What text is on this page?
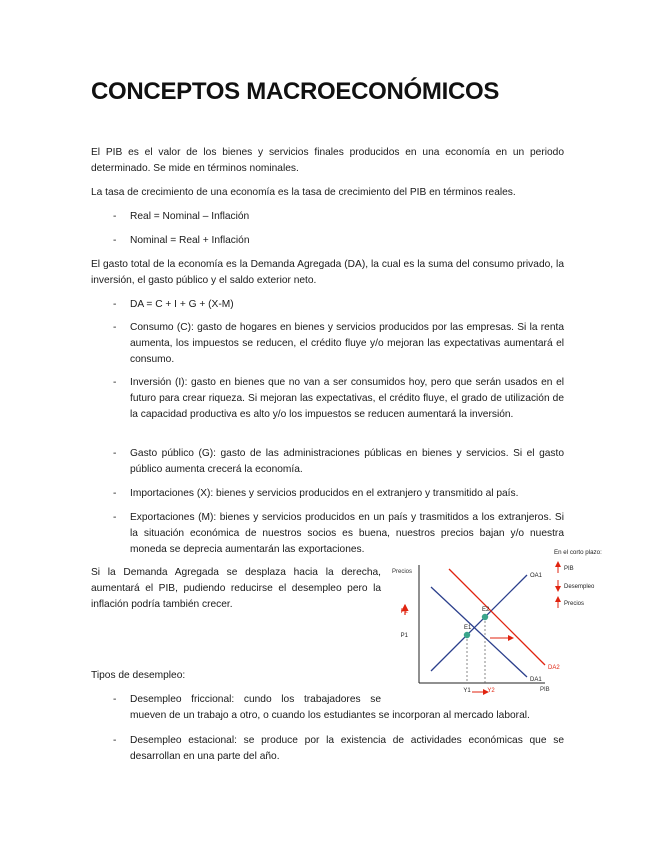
CONCEPTOS MACROECONÓMICOS

El PIB es el valor de los bienes y servicios finales producidos en una economía en un periodo determinado. Se mide en términos nominales.

La tasa de crecimiento de una economía es la tasa de crecimiento del PIB en términos reales.

- Real = Nominal – Inflación
- Nominal = Real + Inflación

El gasto total de la economía es la Demanda Agregada (DA), la cual es la suma del consumo privado, la inversión, el gasto público y el saldo exterior neto.

- DA = C + I + G + (X-M)
- Consumo (C): gasto de hogares en bienes y servicios producidos por las empresas. Si la renta aumenta, los impuestos se reducen, el crédito fluye y/o mejoran las expectativas aumentará el consumo.
- Inversión (I): gasto en bienes que no van a ser consumidos hoy, pero que serán usados en el futuro para crear riqueza. Si mejoran las expectativas, el crédito fluye, el grado de utilización de la capacidad productiva es alto y/o los impuestos se reducen aumentará la inversión.
- Gasto público (G): gasto de las administraciones públicas en bienes y servicios. Si el gasto público aumenta crecerá la economía.
- Importaciones (X): bienes y servicios producidos en el extranjero y transmitido al país.
- Exportaciones (M): bienes y servicios producidos en un país y trasmitidos a los extranjeros. Si la situación económica de nuestros socios es buena, nuestros precios bajan y/o nuestra moneda se deprecia aumentarán las exportaciones.

Si la Demanda Agregada se desplaza hacia la derecha, aumentará el PIB, pudiendo reducirse el desempleo pero la inflación podría también crecer.

Tipos de desempleo:

- Desempleo friccional: cundo los trabajadores se
mueven de un trabajo a otro, o cuando los estudiantes se incorporan al mercado laboral.
- Desempleo estacional: se produce por la existencia de actividades económicas que se desarrollan en una parte del año.
Precios
PIB
OA1
DA1
DA2
E1
E2
P2
P1
Y1	Y2
En el corto plazo:
PIB
Desempleo
Precios
